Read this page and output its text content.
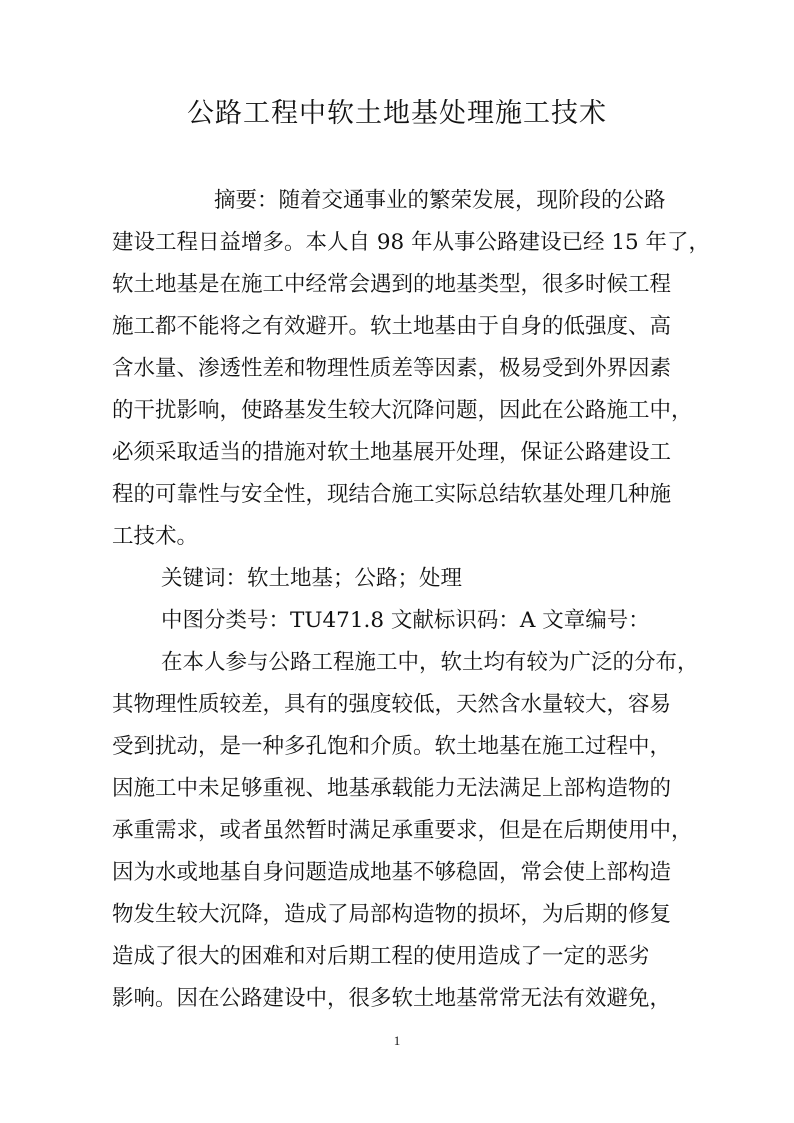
公路工程中软土地基处理施工技术
摘要：随着交通事业的繁荣发展，现阶段的公路
建设工程日益增多。本人自 98 年从事公路建设已经 15 年了，
软土地基是在施工中经常会遇到的地基类型，很多时候工程
施工都不能将之有效避开。软土地基由于自身的低强度、高
含水量、渗透性差和物理性质差等因素，极易受到外界因素
的干扰影响，使路基发生较大沉降问题，因此在公路施工中，
必须采取适当的措施对软土地基展开处理，保证公路建设工
程的可靠性与安全性，现结合施工实际总结软基处理几种施
工技术。
关键词：软土地基；公路；处理
中图分类号：TU471.8 文献标识码：A 文章编号：
在本人参与公路工程施工中，软土均有较为广泛的分布，
其物理性质较差，具有的强度较低，天然含水量较大，容易
受到扰动，是一种多孔饱和介质。软土地基在施工过程中，
因施工中未足够重视、地基承载能力无法满足上部构造物的
承重需求，或者虽然暂时满足承重要求，但是在后期使用中，
因为水或地基自身问题造成地基不够稳固，常会使上部构造
物发生较大沉降，造成了局部构造物的损坏，为后期的修复
造成了很大的困难和对后期工程的使用造成了一定的恶劣
影响。因在公路建设中，很多软土地基常常无法有效避免，
1
